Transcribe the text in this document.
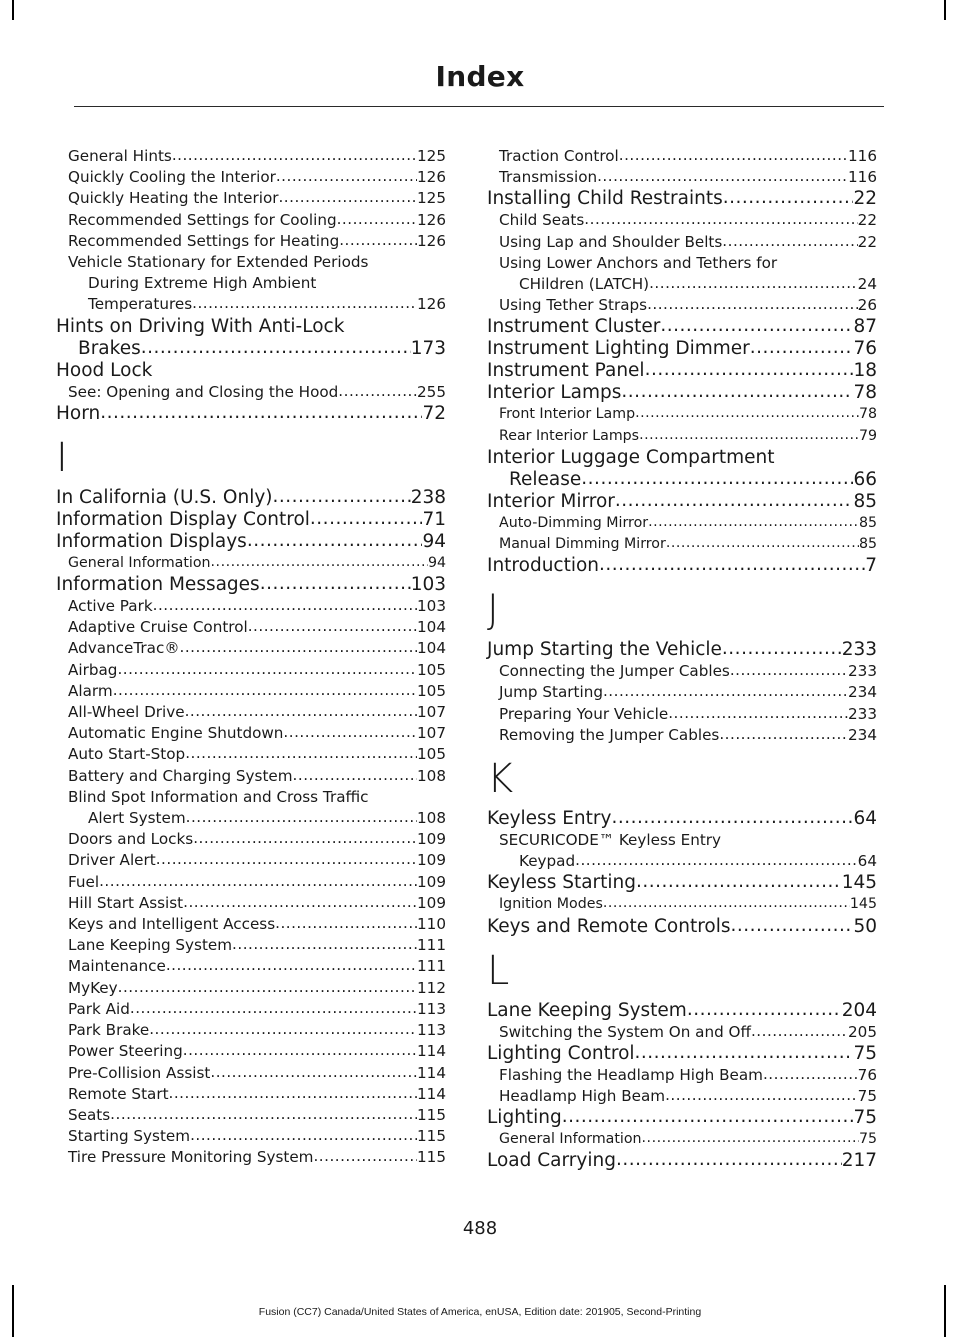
Index
General Hints .....	125
Quickly Cooling the Interior .....	126
Quickly Heating the Interior .....	125
Recommended Settings for Cooling .....	126
Recommended Settings for Heating .....	126
Vehicle Stationary for Extended Periods
During Extreme High Ambient
Temperatures .....	126
Hints on Driving With Anti-Lock
Brakes .....	173
Hood Lock
See: Opening and Closing the Hood .....	255
Horn .....	72
I
In California (U.S. Only) .....	238
Information Display Control .....	71
Information Displays .....	94
General Information .....	94
Information Messages .....	103
Active Park .....	103
Adaptive Cruise Control .....	104
AdvanceTrac® .....	104
Airbag .....	105
Alarm .....	105
All-Wheel Drive .....	107
Automatic Engine Shutdown .....	107
Auto Start-Stop .....	105
Battery and Charging System .....	108
Blind Spot Information and Cross Traffic
Alert System .....	108
Doors and Locks .....	109
Driver Alert .....	109
Fuel .....	109
Hill Start Assist .....	109
Keys and Intelligent Access .....	110
Lane Keeping System .....	111
Maintenance .....	111
MyKey .....	112
Park Aid .....	113
Park Brake .....	113
Power Steering .....	114
Pre-Collision Assist .....	114
Remote Start .....	114
Seats .....	115
Starting System .....	115
Tire Pressure Monitoring System .....	115
Traction Control .....	116
Transmission .....	116
Installing Child Restraints .....	22
Child Seats .....	22
Using Lap and Shoulder Belts .....	22
Using Lower Anchors and Tethers for
CHildren (LATCH) .....	24
Using Tether Straps .....	26
Instrument Cluster .....	87
Instrument Lighting Dimmer .....	76
Instrument Panel .....	18
Interior Lamps .....	78
Front Interior Lamp .....	78
Rear Interior Lamps .....	79
Interior Luggage Compartment
Release .....	66
Interior Mirror .....	85
Auto-Dimming Mirror .....	85
Manual Dimming Mirror .....	85
Introduction .....	7
J
Jump Starting the Vehicle .....	233
Connecting the Jumper Cables .....	233
Jump Starting .....	234
Preparing Your Vehicle .....	233
Removing the Jumper Cables .....	234
K
Keyless Entry .....	64
SECURICODE™ Keyless Entry
Keypad .....	64
Keyless Starting .....	145
Ignition Modes .....	145
Keys and Remote Controls .....	50
L
Lane Keeping System .....	204
Switching the System On and Off .....	205
Lighting Control .....	75
Flashing the Headlamp High Beam .....	76
Headlamp High Beam .....	75
Lighting .....	75
General Information .....	75
Load Carrying .....	217
488
Fusion (CC7) Canada/United States of America, enUSA, Edition date: 201905, Second-Printing
